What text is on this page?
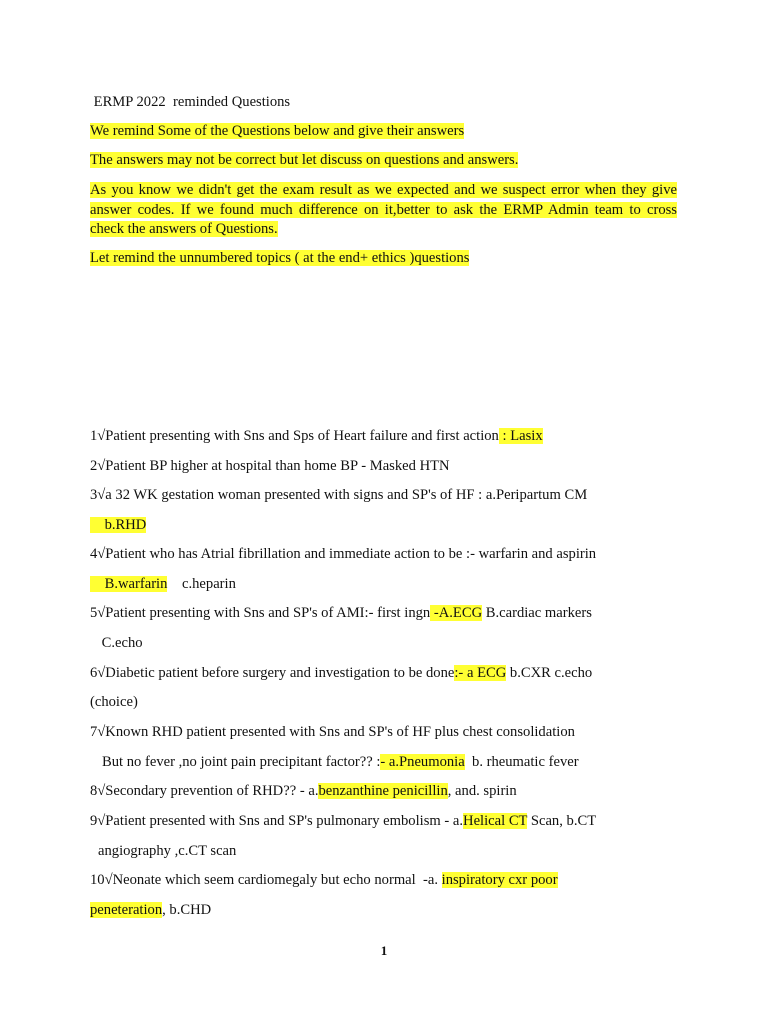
ERMP 2022  reminded Questions
We remind Some of the Questions below and give their answers
The answers may not be correct but let discuss on questions and answers.
As you know we didn't get the exam result as we expected and we suspect error when they give
answer codes. If we found much difference on it,better to ask the ERMP Admin team to cross
check the answers of Questions.
Let remind the unnumbered topics ( at the end+ ethics )questions
1√Patient presenting with Sns and Sps of Heart failure and first action : Lasix
2√Patient BP higher at hospital than home BP - Masked HTN
3√a 32 WK gestation woman presented with signs and SP's of HF : a.Peripartum CM
b.RHD
4√Patient who has Atrial fibrillation and immediate action to be :- warfarin and aspirin
B.warfarin    c.heparin
5√Patient presenting with Sns and SP's of AMI:- first ingn -A.ECG B.cardiac markers
C.echo
6√Diabetic patient before surgery and investigation to be done:- a ECG b.CXR c.echo
(choice)
7√Known RHD patient presented with Sns and SP's of HF plus chest consolidation
But no fever ,no joint pain precipitant factor?? :- a.Pneumonia  b. rheumatic fever
8√Secondary prevention of RHD?? - a.benzanthine penicillin, and. spirin
9√Patient presented with Sns and SP's pulmonary embolism - a.Helical CT Scan, b.CT
angiography ,c.CT scan
10√Neonate which seem cardiomegaly but echo normal  -a. inspiratory cxr poor
peneteration, b.CHD
1
